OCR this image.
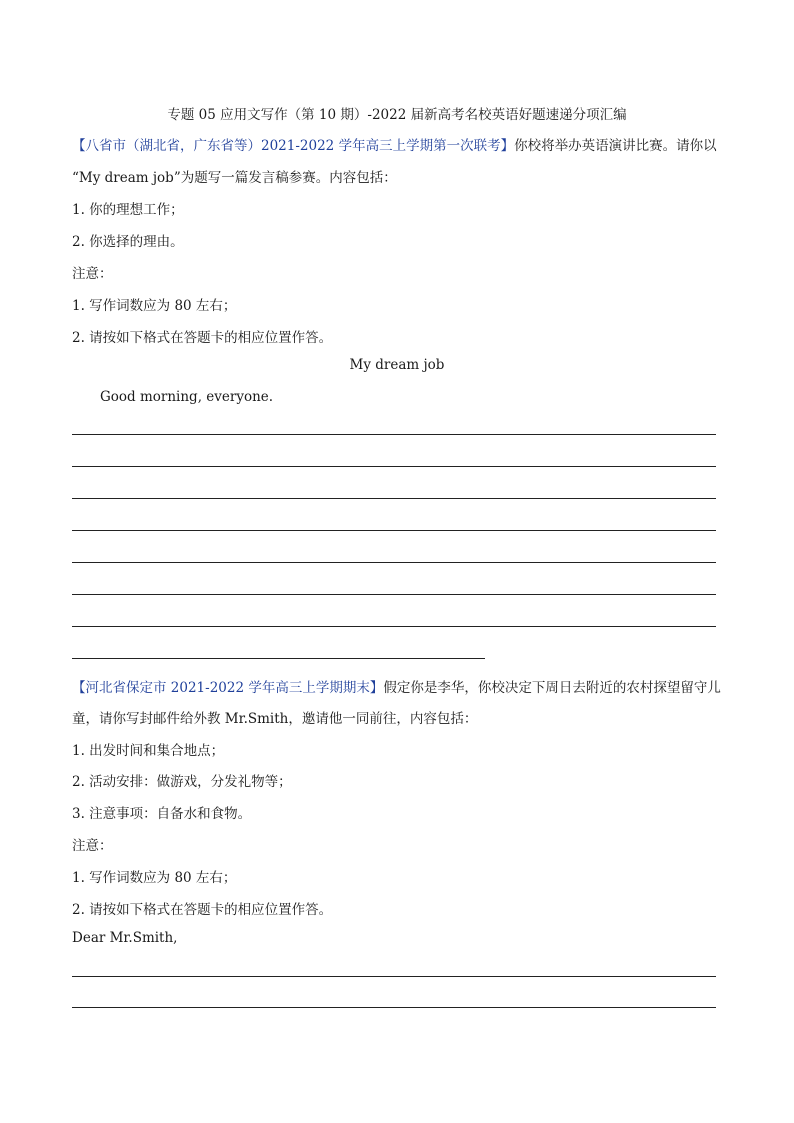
专题 05 应用文写作（第 10 期）-2022 届新高考名校英语好题速递分项汇编
【八省市（湖北省，广东省等）2021-2022 学年高三上学期第一次联考】你校将举办英语演讲比赛。请你以
“My dream job”为题写一篇发言稿参赛。内容包括：
1. 你的理想工作；
2. 你选择的理由。
注意：
1. 写作词数应为 80 左右；
2. 请按如下格式在答题卡的相应位置作答。
My dream job
Good morning, everyone.
【河北省保定市 2021-2022 学年高三上学期期末】假定你是李华，你校决定下周日去附近的农村探望留守儿
童，请你写封邮件给外教 Mr.Smith，邀请他一同前往，内容包括：
1. 出发时间和集合地点；
2. 活动安排：做游戏，分发礼物等；
3. 注意事项：自备水和食物。
注意：
1. 写作词数应为 80 左右；
2. 请按如下格式在答题卡的相应位置作答。
Dear Mr.Smith,
